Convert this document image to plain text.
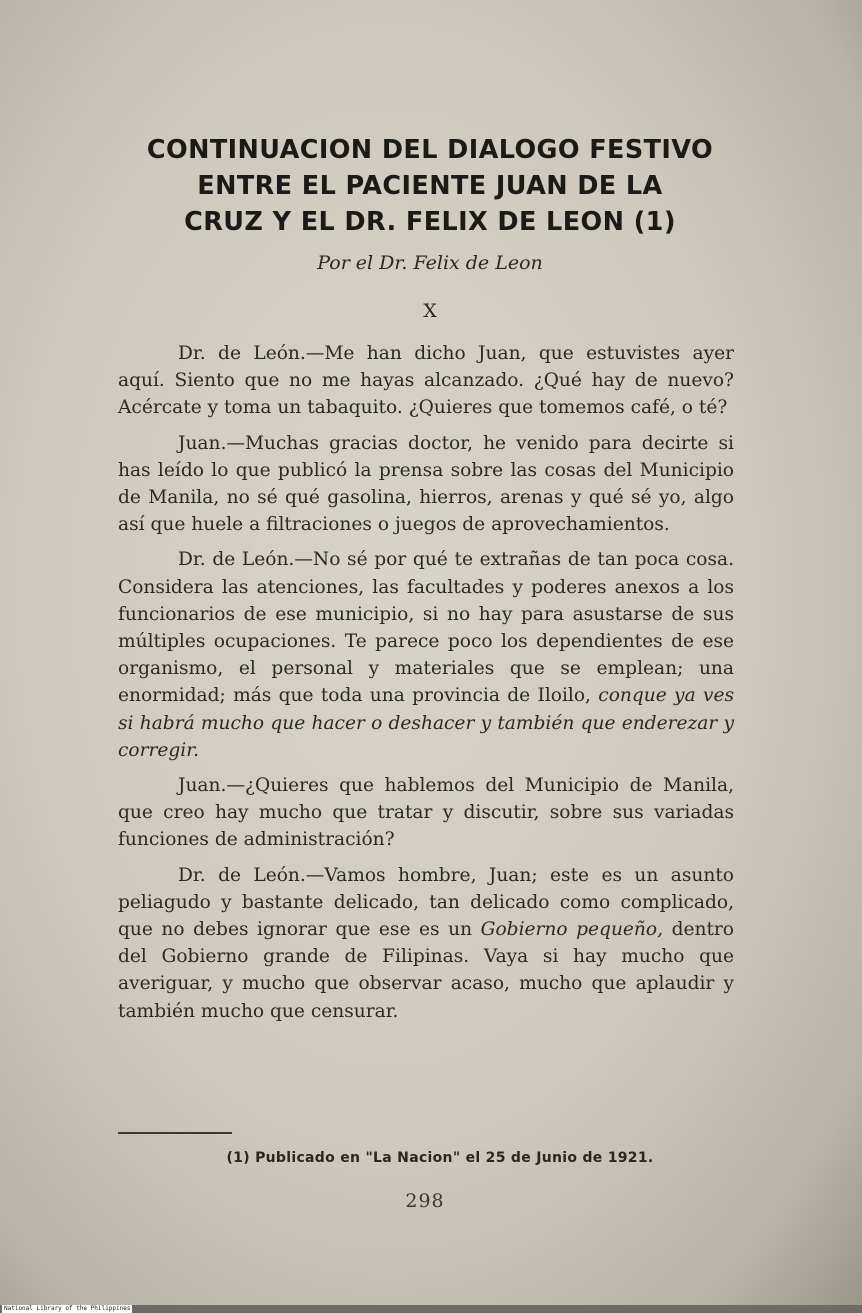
CONTINUACION DEL DIALOGO FESTIVO
ENTRE EL PACIENTE JUAN DE LA
CRUZ Y EL DR. FELIX DE LEON (1)
Por el Dr. Felix de Leon
X

Dr. de León.—Me han dicho Juan, que estuvistes ayer aquí. Siento que no me hayas alcanzado. ¿Qué hay de nuevo? Acércate y toma un tabaquito. ¿Quieres que tomemos café, o té?

Juan.—Muchas gracias doctor, he venido para decirte si has leído lo que publicó la prensa sobre las cosas del Municipio de Manila, no sé qué gasolina, hierros, arenas y qué sé yo, algo así que huele a filtraciones o juegos de aprovechamientos.

Dr. de León.—No sé por qué te extrañas de tan poca cosa. Considera las atenciones, las facultades y poderes anexos a los funcionarios de ese municipio, si no hay para asustarse de sus múltiples ocupaciones. Te parece poco los dependientes de ese organismo, el personal y materiales que se emplean; una enormidad; más que toda una provincia de Iloilo, conque ya ves si habrá mucho que hacer o deshacer y también que enderezar y corregir.

Juan.—¿Quieres que hablemos del Municipio de Manila, que creo hay mucho que tratar y discutir, sobre sus variadas funciones de administración?

Dr. de León.—Vamos hombre, Juan; este es un asunto peliagudo y bastante delicado, tan delicado como complicado, que no debes ignorar que ese es un Gobierno pequeño, dentro del Gobierno grande de Filipinas. Vaya si hay mucho que averiguar, y mucho que observar acaso, mucho que aplaudir y también mucho que censurar.

(1) Publicado en "La Nacion" el 25 de Junio de 1921.
298
National Library of the Philippines
